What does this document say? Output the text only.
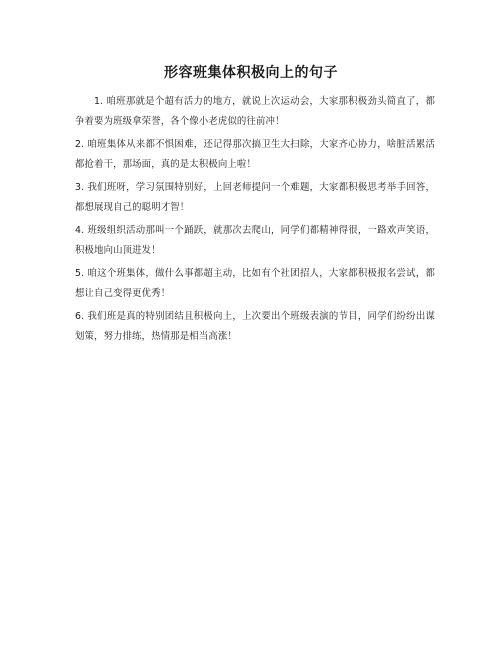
形容班集体积极向上的句子

1. 咱班那就是个超有活力的地方，就说上次运动会，大家那积极劲头简直了，都争着要为班级拿荣誉，各个像小老虎似的往前冲！

2. 咱班集体从来都不惧困难，还记得那次搞卫生大扫除，大家齐心协力，啥脏活累活都抢着干，那场面，真的是太积极向上啦！

3. 我们班呀，学习氛围特别好，上回老师提问一个难题，大家都积极思考举手回答，都想展现自己的聪明才智！

4. 班级组织活动那叫一个踊跃，就那次去爬山，同学们都精神得很，一路欢声笑语，积极地向山顶进发！

5. 咱这个班集体，做什么事都超主动，比如有个社团招人，大家都积极报名尝试，都想让自己变得更优秀！

6. 我们班是真的特别团结且积极向上，上次要出个班级表演的节目，同学们纷纷出谋划策，努力排练，热情那是相当高涨！
